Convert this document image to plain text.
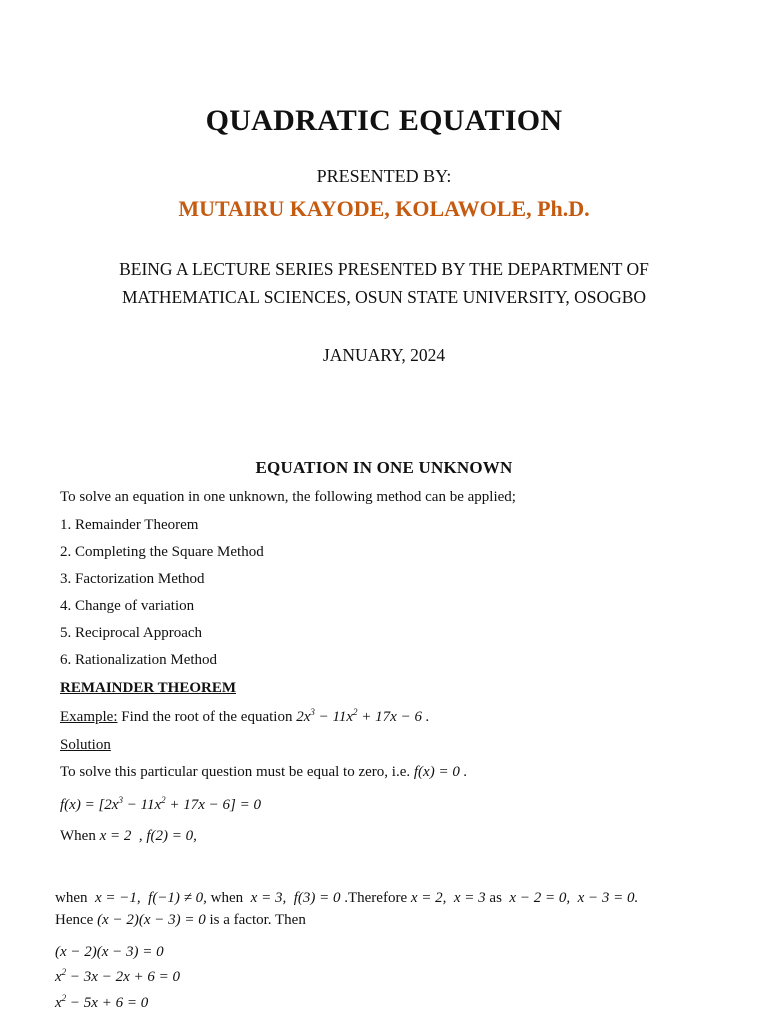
QUADRATIC EQUATION
PRESENTED BY:
MUTAIRU KAYODE, KOLAWOLE, Ph.D.
BEING A LECTURE SERIES PRESENTED BY THE DEPARTMENT OF
MATHEMATICAL SCIENCES, OSUN STATE UNIVERSITY, OSOGBO
JANUARY, 2024
EQUATION IN ONE UNKNOWN
To solve an equation in one unknown, the following method can be applied;
1. Remainder Theorem
2. Completing the Square Method
3. Factorization Method
4. Change of variation
5. Reciprocal Approach
6. Rationalization Method
REMAINDER THEOREM
Example: Find the root of the equation $2x^3 - 11x^2 + 17x - 6$ .
Solution
To solve this particular question must be equal to zero, i.e. f(x) = 0 .
$f(x) = [2x^3 - 11x^2 + 17x - 6] = 0$
When x = 2  , f(2) = 0,
when  x = −1,  f(−1) ≠ 0, when  x = 3,  f(3) = 0 .Therefore x = 2,  x = 3 as  x − 2 = 0,  x − 3 = 0.
Hence (x − 2)(x − 3) = 0 is a factor. Then
(x − 2)(x − 3) = 0
$x^2 - 3x - 2x + 6 = 0$
$x^2 - 5x + 6 = 0$
